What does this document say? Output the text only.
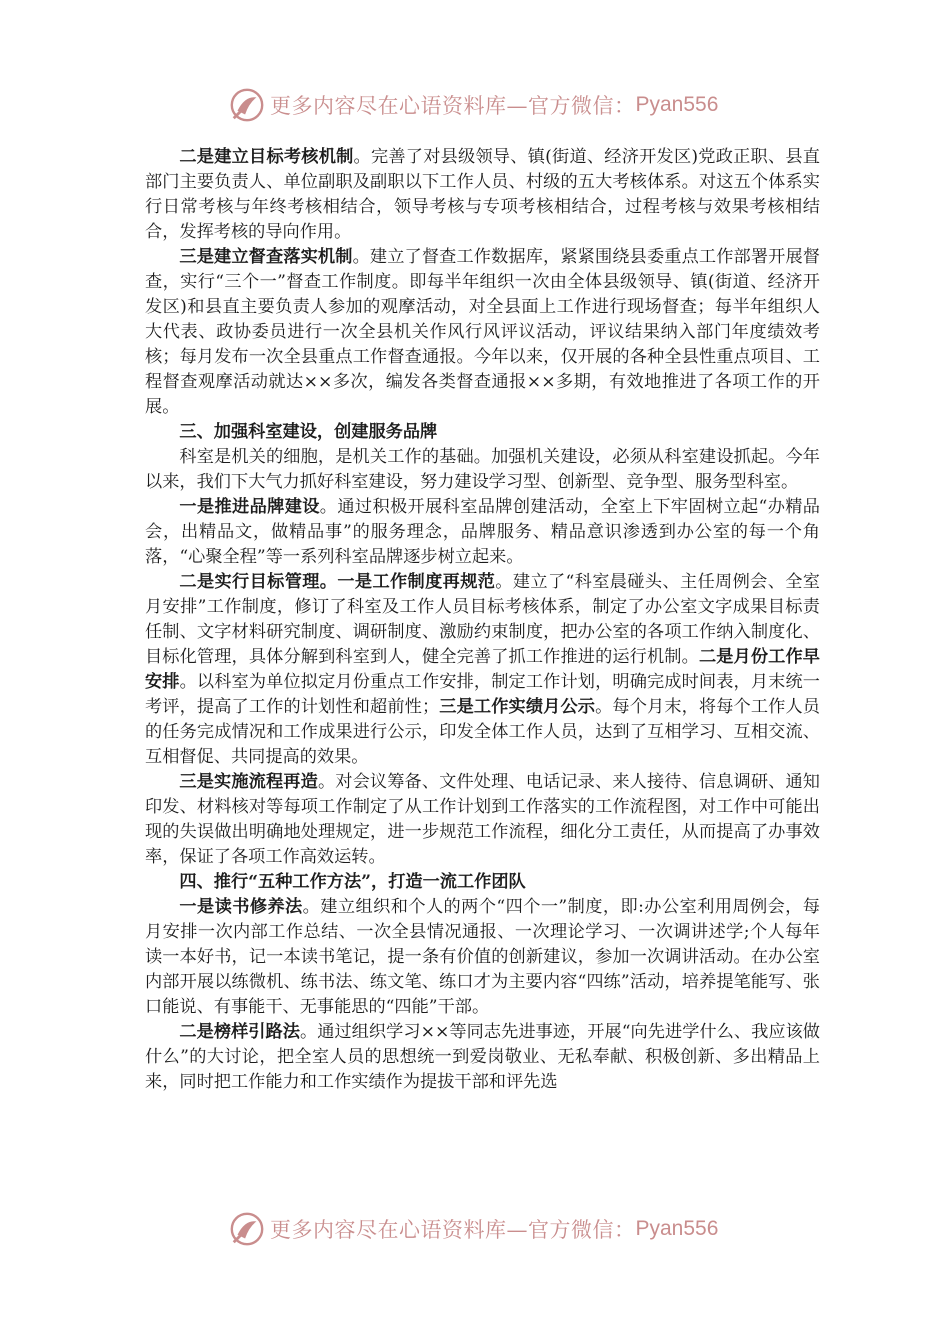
更多内容尽在心语资料库—官方微信： Pyan556

二是建立目标考核机制。完善了对县级领导、镇(街道、经济开发区)党政正职、县直部门主要负责人、单位副职及副职以下工作人员、村级的五大考核体系。对这五个体系实行日常考核与年终考核相结合，领导考核与专项考核相结合，过程考核与效果考核相结合，发挥考核的导向作用。

三是建立督查落实机制。建立了督查工作数据库，紧紧围绕县委重点工作部署开展督查，实行“三个一”督查工作制度。即每半年组织一次由全体县级领导、镇(街道、经济开发区)和县直主要负责人参加的观摩活动，对全县面上工作进行现场督查；每半年组织人大代表、政协委员进行一次全县机关作风行风评议活动，评议结果纳入部门年度绩效考核；每月发布一次全县重点工作督查通报。今年以来，仅开展的各种全县性重点项目、工程督查观摩活动就达××多次，编发各类督查通报××多期，有效地推进了各项工作的开展。

三、加强科室建设，创建服务品牌

科室是机关的细胞，是机关工作的基础。加强机关建设，必须从科室建设抓起。今年以来，我们下大气力抓好科室建设，努力建设学习型、创新型、竞争型、服务型科室。

一是推进品牌建设。通过积极开展科室品牌创建活动，全室上下牢固树立起“办精品会，出精品文，做精品事”的服务理念，品牌服务、精品意识渗透到办公室的每一个角落，“心聚全程”等一系列科室品牌逐步树立起来。

二是实行目标管理。一是工作制度再规范。建立了“科室晨碰头、主任周例会、全室月安排”工作制度，修订了科室及工作人员目标考核体系，制定了办公室文字成果目标责任制、文字材料研究制度、调研制度、激励约束制度，把办公室的各项工作纳入制度化、目标化管理，具体分解到科室到人，健全完善了抓工作推进的运行机制。二是月份工作早安排。以科室为单位拟定月份重点工作安排，制定工作计划，明确完成时间表，月末统一考评，提高了工作的计划性和超前性；三是工作实绩月公示。每个月末，将每个工作人员的任务完成情况和工作成果进行公示，印发全体工作人员，达到了互相学习、互相交流、互相督促、共同提高的效果。

三是实施流程再造。对会议筹备、文件处理、电话记录、来人接待、信息调研、通知印发、材料核对等每项工作制定了从工作计划到工作落实的工作流程图，对工作中可能出现的失误做出明确地处理规定，进一步规范工作流程，细化分工责任，从而提高了办事效率，保证了各项工作高效运转。

四、推行“五种工作方法”，打造一流工作团队

一是读书修养法。建立组织和个人的两个“四个一”制度，即:办公室利用周例会，每月安排一次内部工作总结、一次全县情况通报、一次理论学习、一次调讲述学;个人每年读一本好书，记一本读书笔记，提一条有价值的创新建议，参加一次调讲活动。在办公室内部开展以练微机、练书法、练文笔、练口才为主要内容“四练”活动，培养提笔能写、张口能说、有事能干、无事能思的“四能”干部。

二是榜样引路法。通过组织学习××等同志先进事迹，开展“向先进学什么、我应该做什么”的大讨论，把全室人员的思想统一到爱岗敬业、无私奉献、积极创新、多出精品上来，同时把工作能力和工作实绩作为提拔干部和评先选

更多内容尽在心语资料库—官方微信： Pyan556
